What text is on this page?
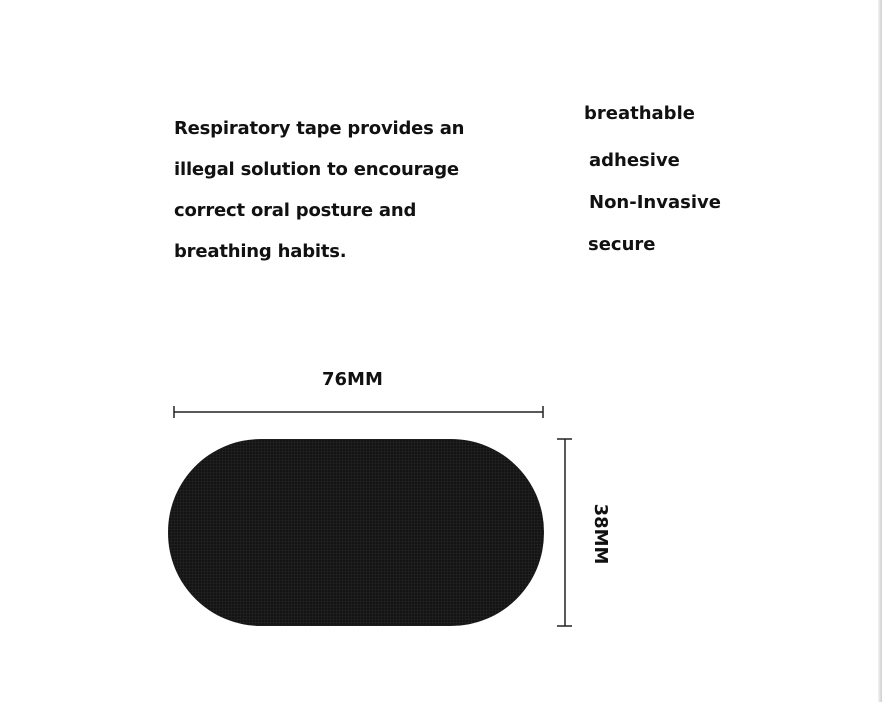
Respiratory tape provides an
illegal solution to encourage
correct oral posture and
breathing habits.

breathable

adhesive

Non-Invasive

secure

76MM
38MM
